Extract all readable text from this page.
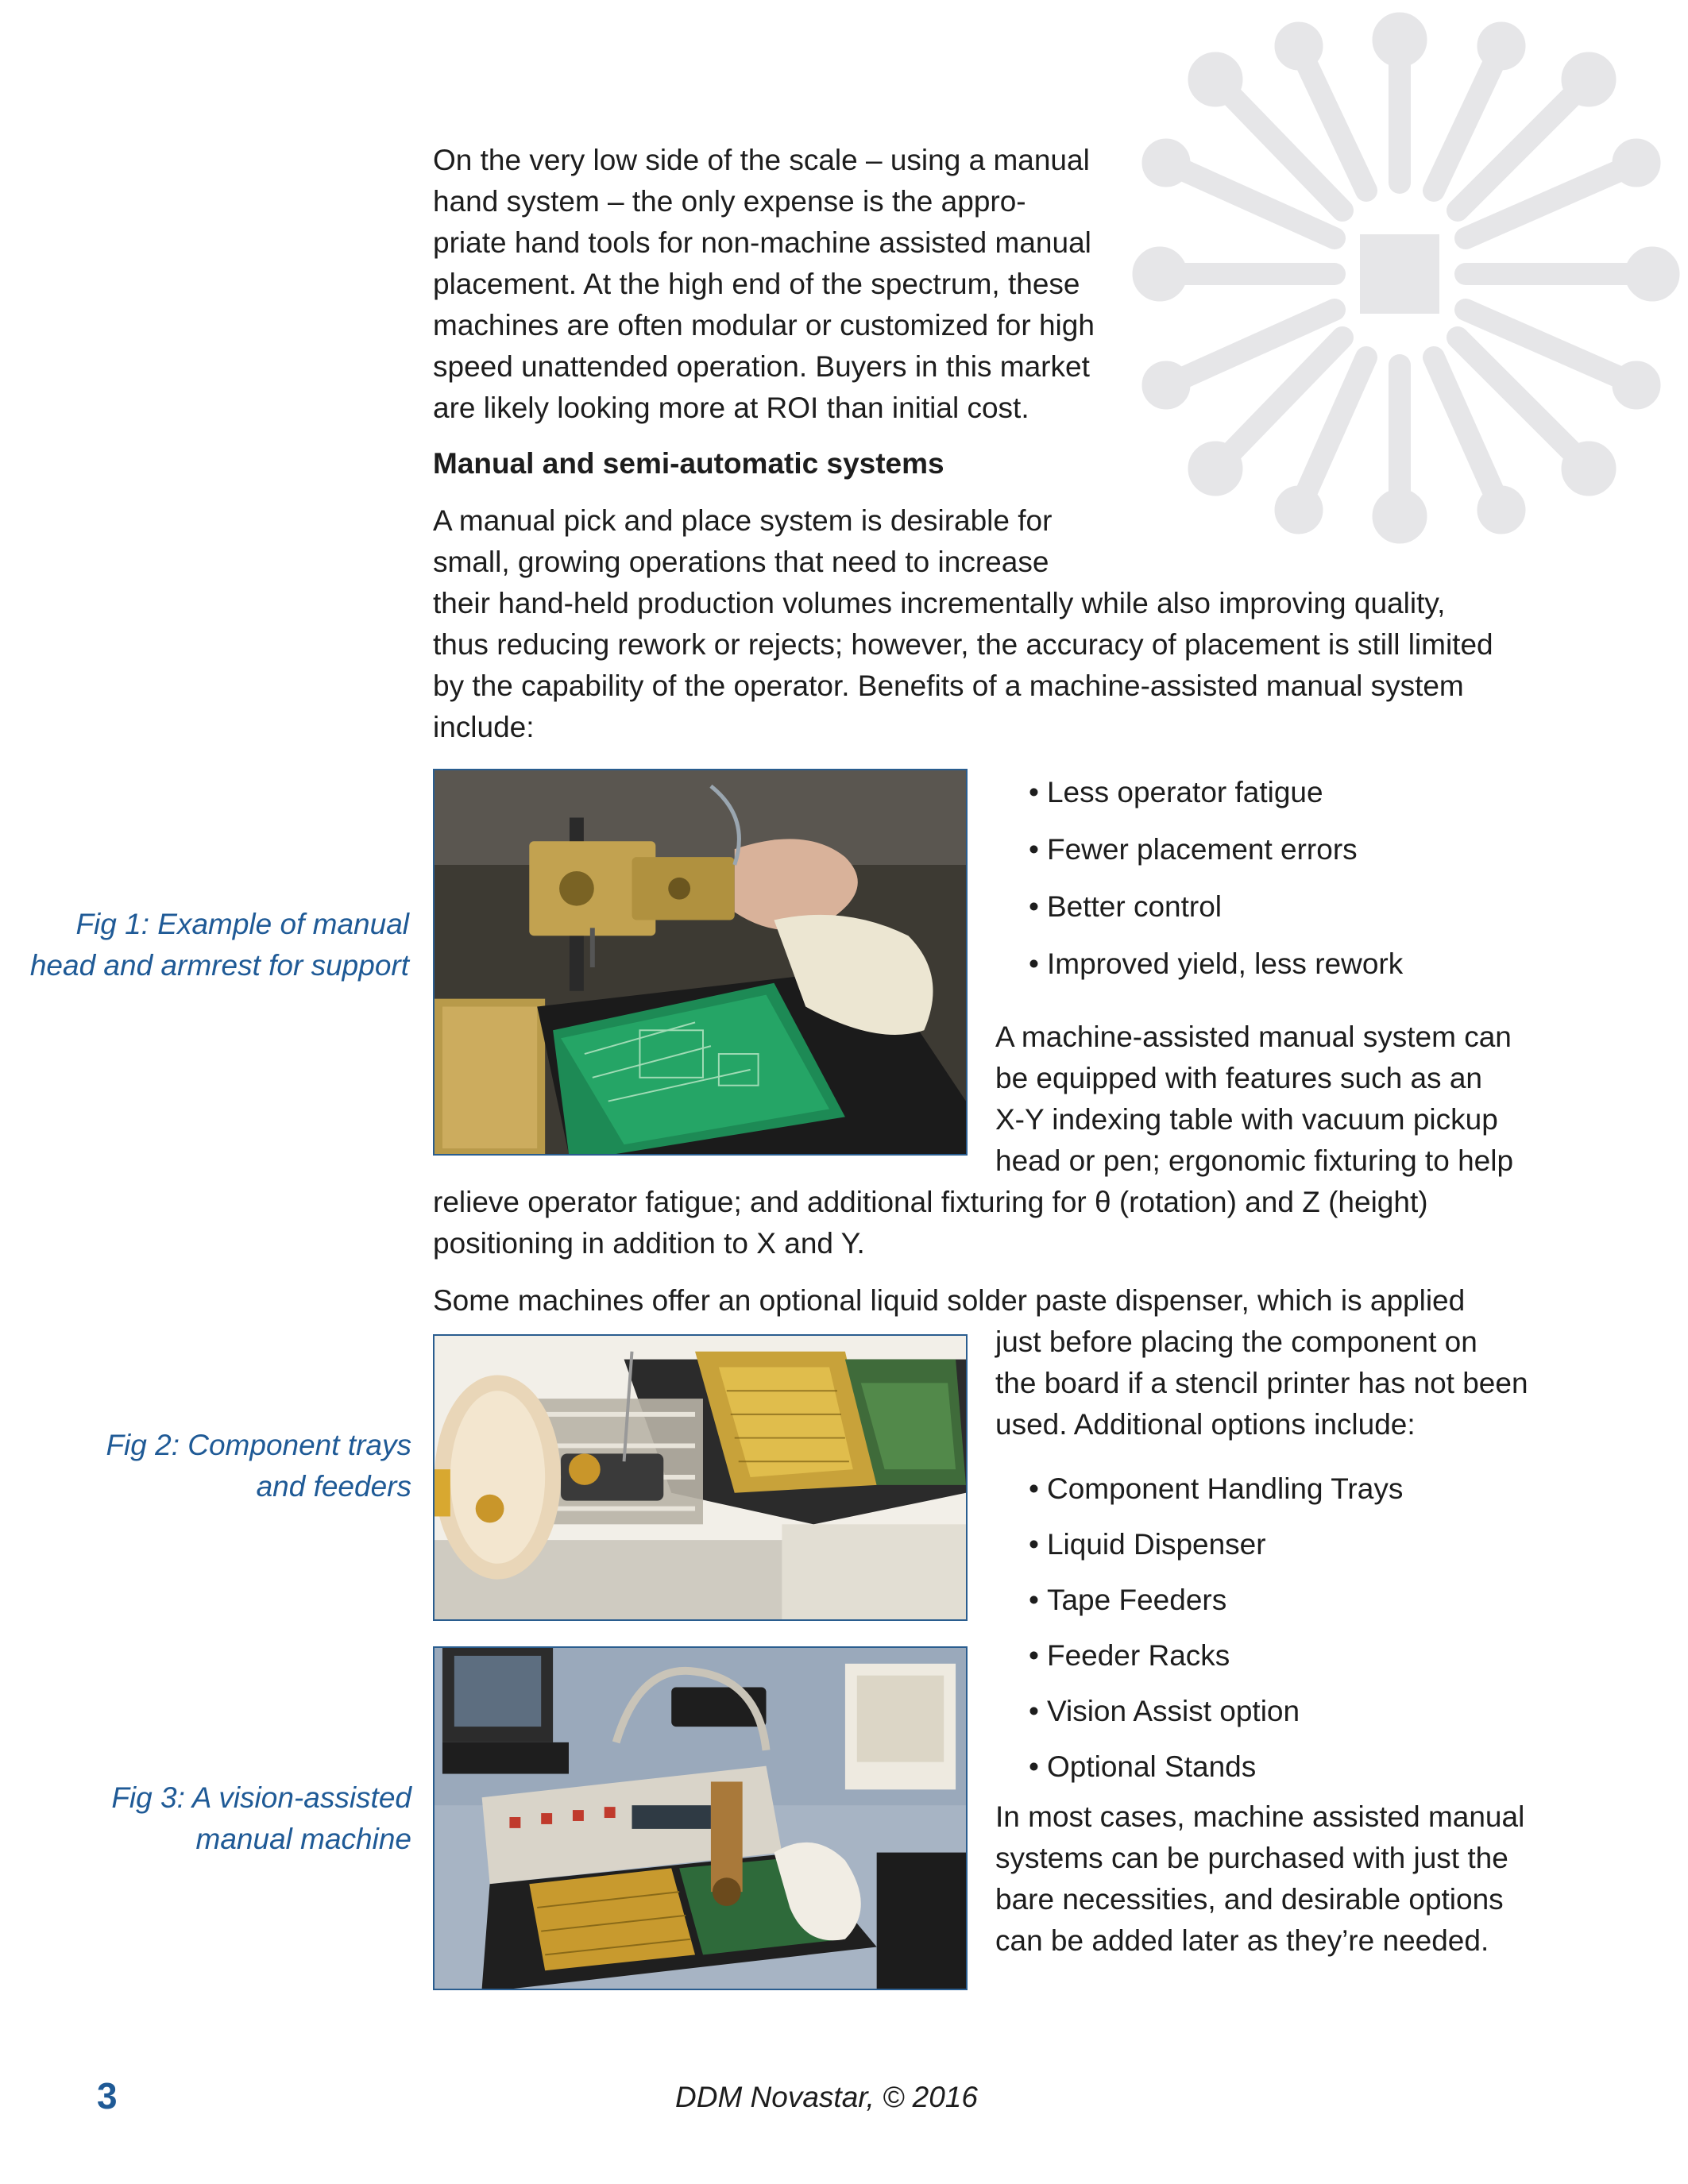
On the very low side of the scale – using a manual
hand system – the only expense is the appro-
priate hand tools for non-machine assisted manual
placement. At the high end of the spectrum, these
machines are often modular or customized for high
speed unattended operation. Buyers in this market
are likely looking more at ROI than initial cost.
Manual and semi-automatic systems
A manual pick and place system is desirable for
small, growing operations that need to increase
their hand-held production volumes incrementally while also improving quality,
thus reducing rework or rejects; however, the accuracy of placement is still limited
by the capability of the operator. Benefits of a machine-assisted manual system
include:
Fig 1: Example of manual
head and armrest for support
• Less operator fatigue
• Fewer placement errors
• Better control
• Improved yield, less rework
A machine-assisted manual system can
be equipped with features such as an
X-Y indexing table with vacuum pickup
head or pen; ergonomic fixturing to help
relieve operator fatigue; and additional fixturing for θ (rotation) and Z (height)
positioning in addition to X and Y.
Some machines offer an optional liquid solder paste dispenser, which is applied
just before placing the component on
the board if a stencil printer has not been
used. Additional options include:
Fig 2: Component trays
and feeders
•	Component Handling Trays
• Liquid Dispenser
• Tape Feeders
• Feeder Racks
• Vision Assist option
• Optional Stands
Fig 3: A vision-assisted
manual machine
In most cases, machine assisted manual
systems can be purchased with just the
bare necessities, and desirable options
can be added later as they’re needed.
3	DDM Novastar, © 2016
